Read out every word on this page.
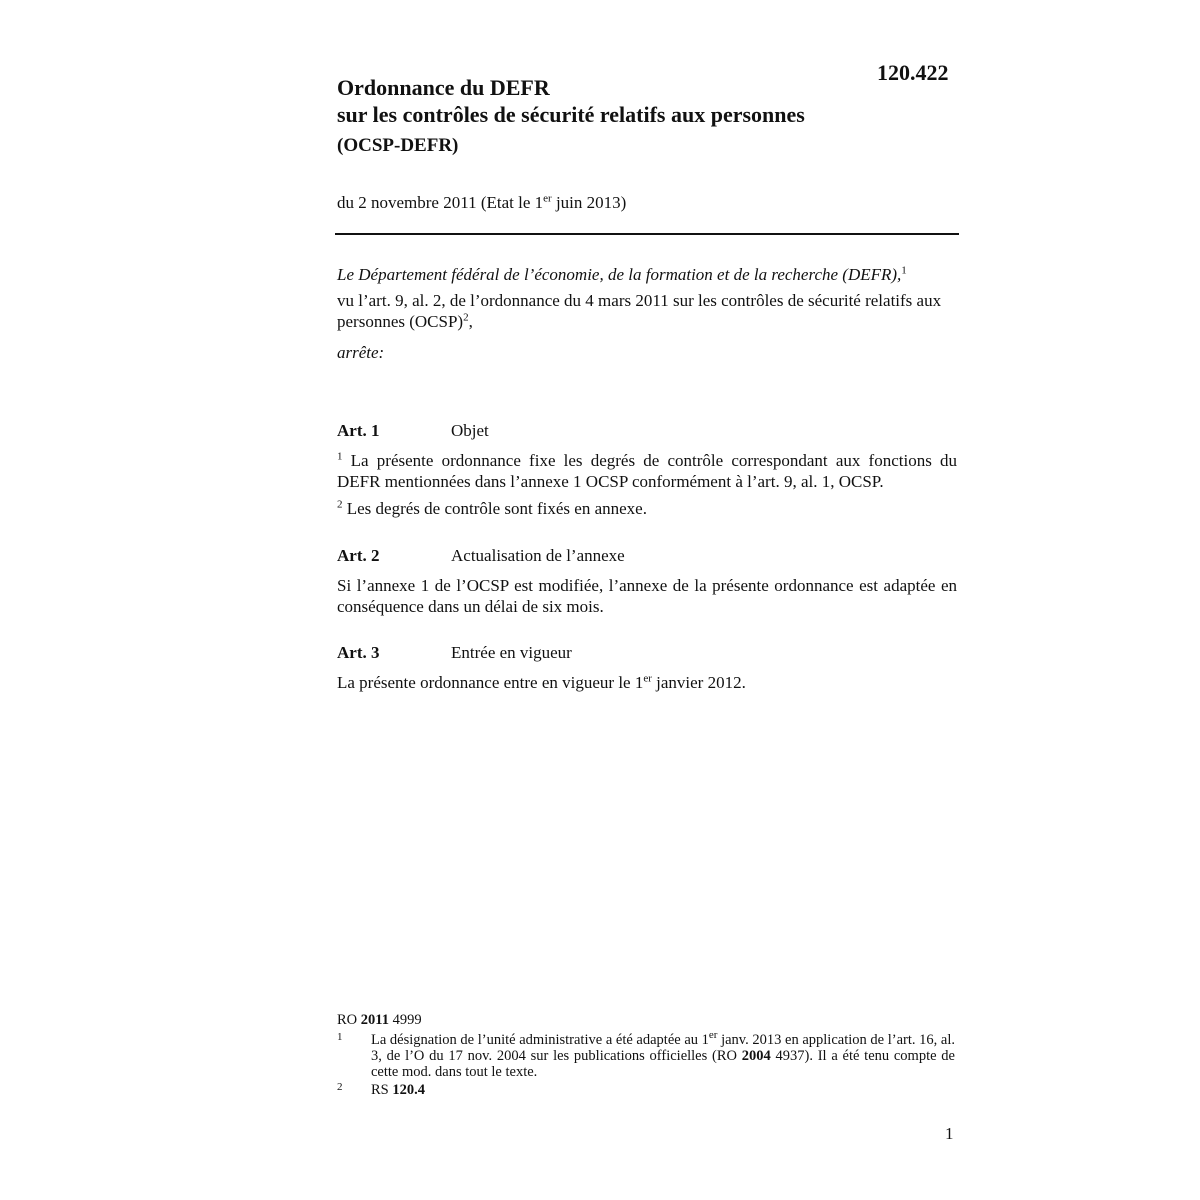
120.422
Ordonnance du DEFR
sur les contrôles de sécurité relatifs aux personnes
(OCSP-DEFR)
du 2 novembre 2011 (Etat le 1er juin 2013)
Le Département fédéral de l’économie, de la formation et de la recherche (DEFR),$^1$
vu l’art. 9, al. 2, de l’ordonnance du 4 mars 2011 sur les contrôles de sécurité relatifs aux personnes (OCSP)$^2$,
arrête:
Art. 1	Objet
$^1$ La présente ordonnance fixe les degrés de contrôle correspondant aux fonctions du DEFR mentionnées dans l’annexe 1 OCSP conformément à l’art. 9, al. 1, OCSP.
$^2$ Les degrés de contrôle sont fixés en annexe.
Art. 2	Actualisation de l’annexe
Si l’annexe 1 de l’OCSP est modifiée, l’annexe de la présente ordonnance est adaptée en conséquence dans un délai de six mois.
Art. 3	Entrée en vigueur
La présente ordonnance entre en vigueur le 1er janvier 2012.
RO 2011 4999
1 La désignation de l’unité administrative a été adaptée au 1er janv. 2013 en application de l’art. 16, al. 3, de l’O du 17 nov. 2004 sur les publications officielles (RO 2004 4937). Il a été tenu compte de cette mod. dans tout le texte.
2 RS 120.4
1
